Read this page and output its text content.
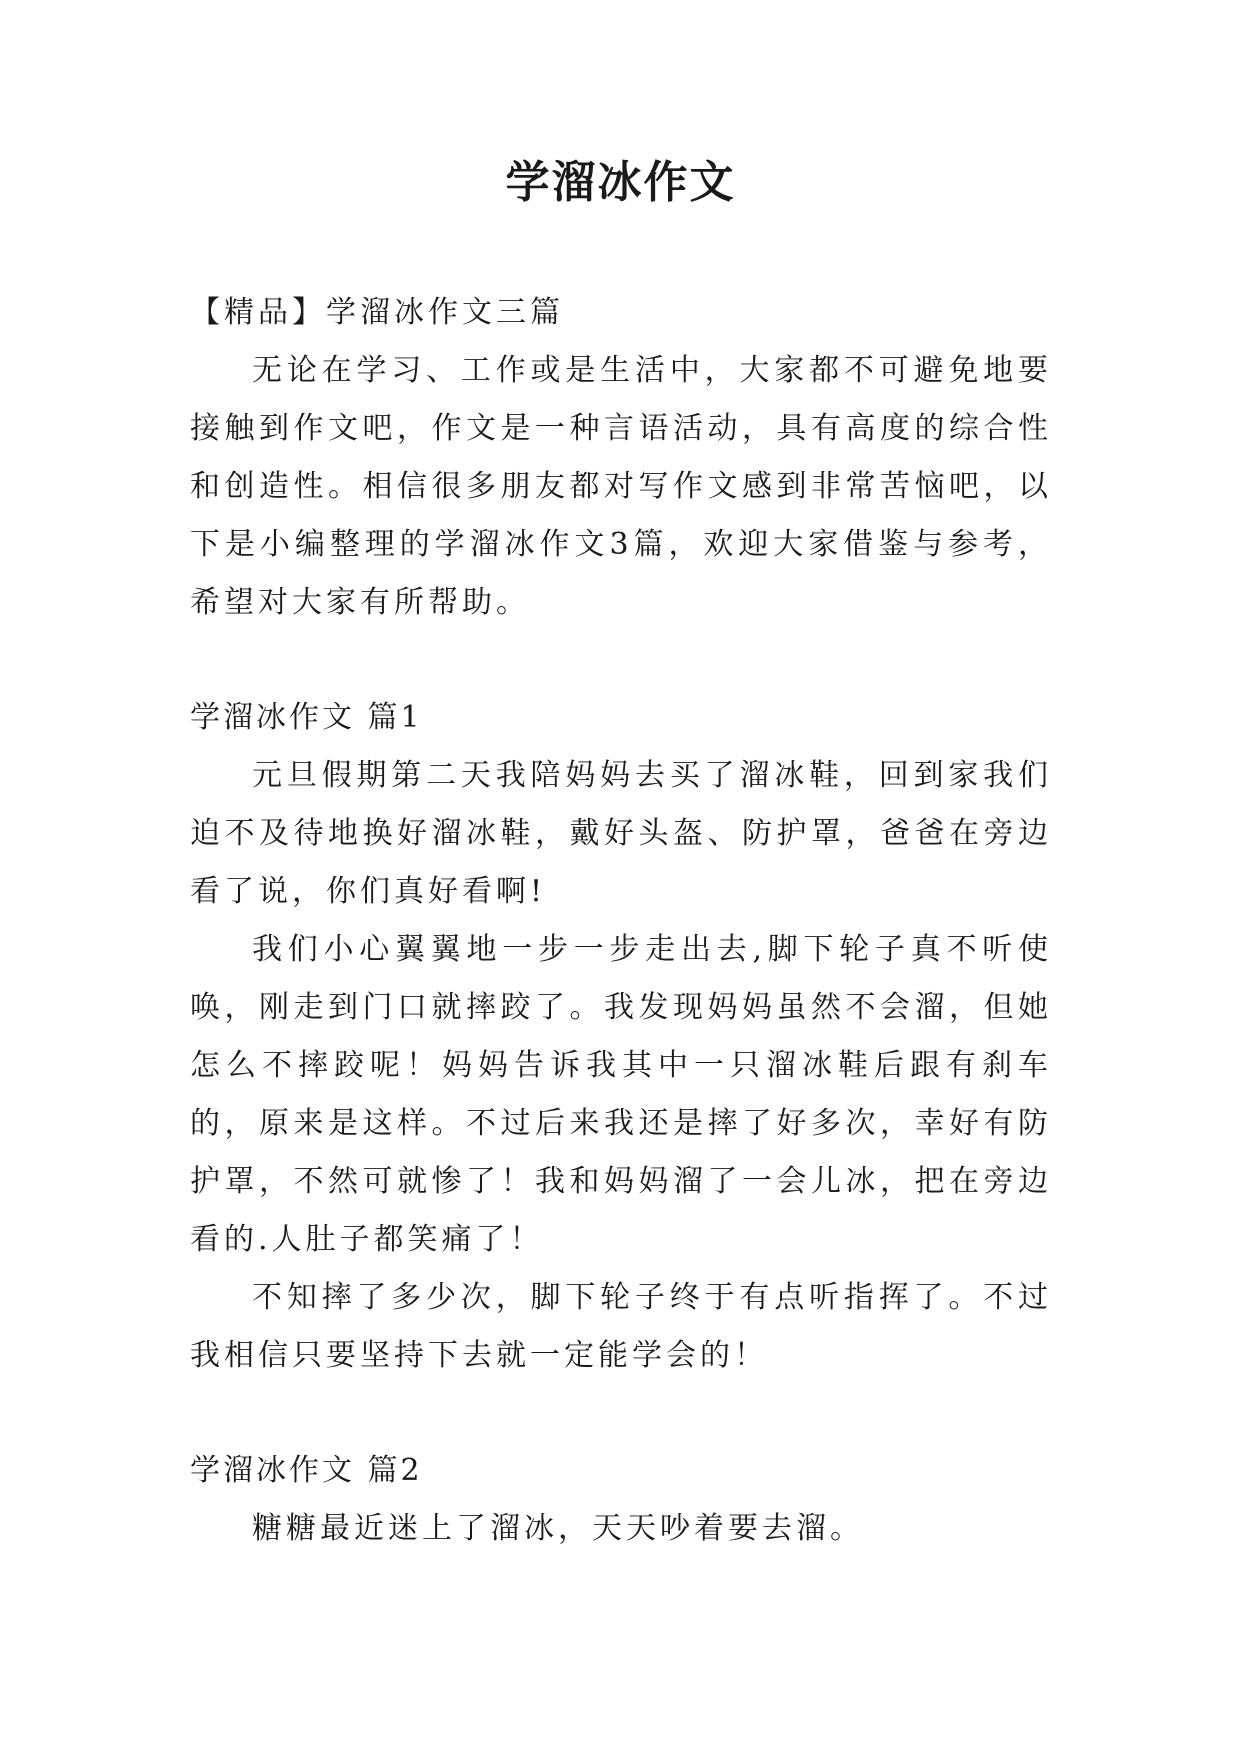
学溜冰作文

【精品】学溜冰作文三篇

无论在学习、工作或是生活中，大家都不可避免地要接触到作文吧，作文是一种言语活动，具有高度的综合性和创造性。相信很多朋友都对写作文感到非常苦恼吧，以下是小编整理的学溜冰作文3篇，欢迎大家借鉴与参考，希望对大家有所帮助。

学溜冰作文 篇1

元旦假期第二天我陪妈妈去买了溜冰鞋，回到家我们迫不及待地换好溜冰鞋，戴好头盔、防护罩，爸爸在旁边看了说，你们真好看啊!

我们小心翼翼地一步一步走出去,脚下轮子真不听使唤，刚走到门口就摔跤了。我发现妈妈虽然不会溜，但她怎么不摔跤呢！妈妈告诉我其中一只溜冰鞋后跟有刹车的，原来是这样。不过后来我还是摔了好多次，幸好有防护罩，不然可就惨了！我和妈妈溜了一会儿冰，把在旁边看的.人肚子都笑痛了！

不知摔了多少次，脚下轮子终于有点听指挥了。不过我相信只要坚持下去就一定能学会的！

学溜冰作文 篇2

糖糖最近迷上了溜冰，天天吵着要去溜。
